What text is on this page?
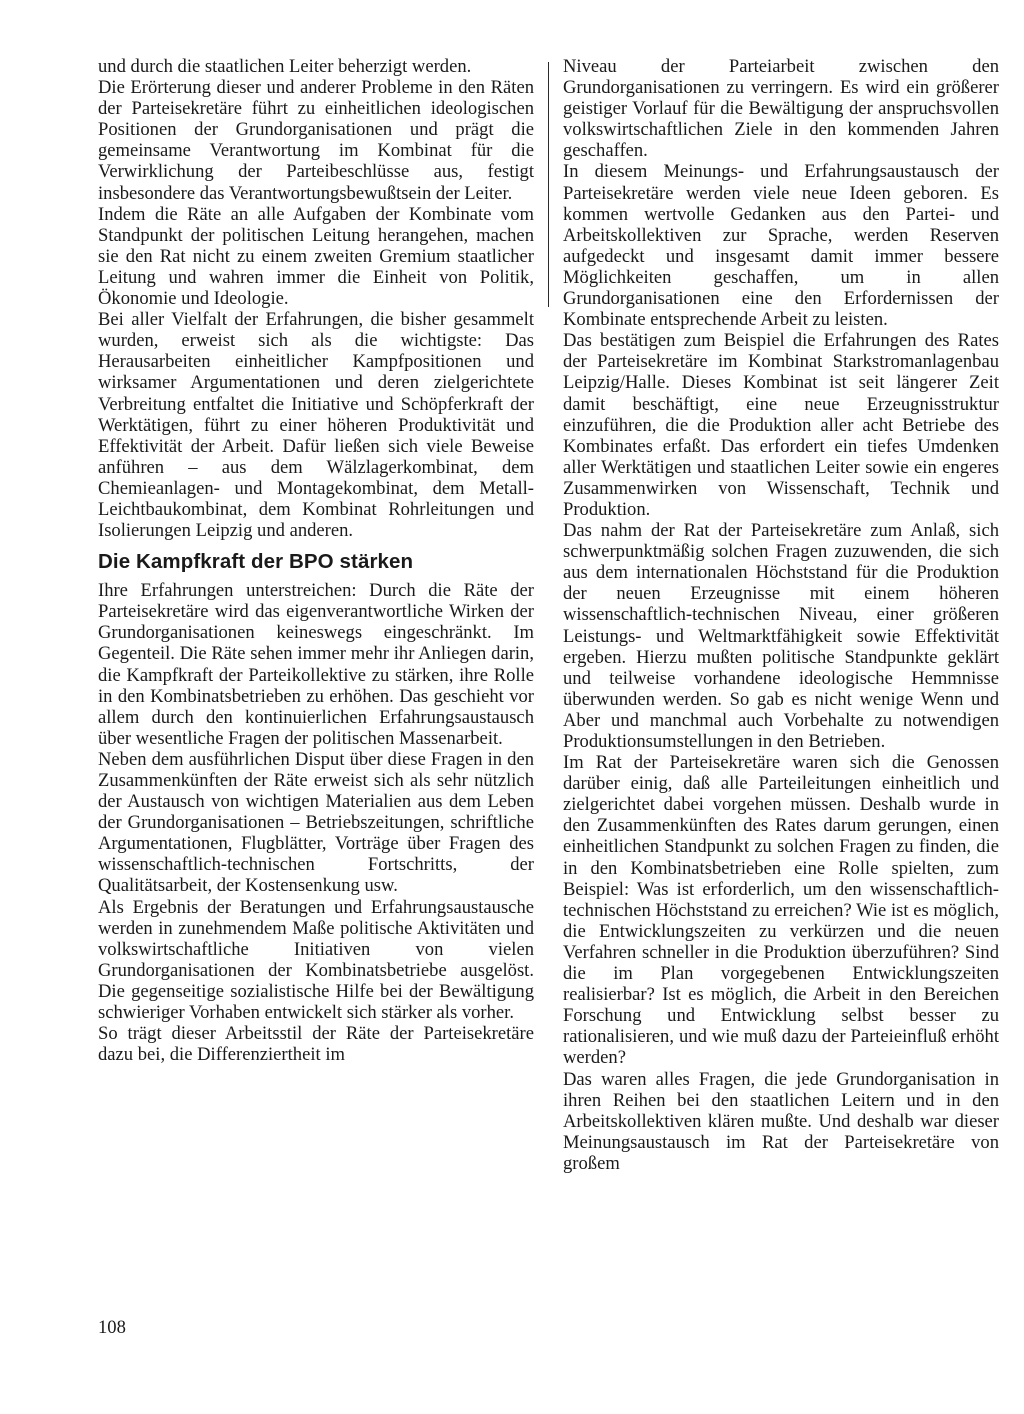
und durch die staatlichen Leiter beherzigt werden.

Die Erörterung dieser und anderer Probleme in den Räten der Parteisekretäre führt zu einheitlichen ideologischen Positionen der Grundorganisationen und prägt die gemeinsame Verantwortung im Kombinat für die Verwirklichung der Parteibeschlüsse aus, festigt insbesondere das Verantwortungsbewußtsein der Leiter.

Indem die Räte an alle Aufgaben der Kombinate vom Standpunkt der politischen Leitung herangehen, machen sie den Rat nicht zu einem zweiten Gremium staatlicher Leitung und wahren immer die Einheit von Politik, Ökonomie und Ideologie.

Bei aller Vielfalt der Erfahrungen, die bisher gesammelt wurden, erweist sich als die wichtigste: Das Herausarbeiten einheitlicher Kampfpositionen und wirksamer Argumentationen und deren zielgerichtete Verbreitung entfaltet die Initiative und Schöpferkraft der Werktätigen, führt zu einer höheren Produktivität und Effektivität der Arbeit. Dafür ließen sich viele Beweise anführen – aus dem Wälzlagerkombinat, dem Chemieanlagen- und Montagekombinat, dem Metall-Leichtbaukombinat, dem Kombinat Rohrleitungen und Isolierungen Leipzig und anderen.

Die Kampfkraft der BPO stärken

Ihre Erfahrungen unterstreichen: Durch die Räte der Parteisekretäre wird das eigenverantwortliche Wirken der Grundorganisationen keineswegs eingeschränkt. Im Gegenteil. Die Räte sehen immer mehr ihr Anliegen darin, die Kampfkraft der Parteikollektive zu stärken, ihre Rolle in den Kombinatsbetrieben zu erhöhen. Das geschieht vor allem durch den kontinuierlichen Erfahrungsaustausch über wesentliche Fragen der politischen Massenarbeit.

Neben dem ausführlichen Disput über diese Fragen in den Zusammenkünften der Räte erweist sich als sehr nützlich der Austausch von wichtigen Materialien aus dem Leben der Grundorganisationen – Betriebszeitungen, schriftliche Argumentationen, Flugblätter, Vorträge über Fragen des wissenschaftlich-technischen Fortschritts, der Qualitätsarbeit, der Kostensenkung usw.

Als Ergebnis der Beratungen und Erfahrungsaustausche werden in zunehmendem Maße politische Aktivitäten und volkswirtschaftliche Initiativen von vielen Grundorganisationen der Kombinatsbetriebe ausgelöst. Die gegenseitige sozialistische Hilfe bei der Bewältigung schwieriger Vorhaben entwickelt sich stärker als vorher.

So trägt dieser Arbeitsstil der Räte der Parteisekretäre dazu bei, die Differenziertheit im

Niveau der Parteiarbeit zwischen den Grundorganisationen zu verringern. Es wird ein größerer geistiger Vorlauf für die Bewältigung der anspruchsvollen volkswirtschaftlichen Ziele in den kommenden Jahren geschaffen.

In diesem Meinungs- und Erfahrungsaustausch der Parteisekretäre werden viele neue Ideen geboren. Es kommen wertvolle Gedanken aus den Partei- und Arbeitskollektiven zur Sprache, werden Reserven aufgedeckt und insgesamt damit immer bessere Möglichkeiten geschaffen, um in allen Grundorganisationen eine den Erfordernissen der Kombinate entsprechende Arbeit zu leisten.

Das bestätigen zum Beispiel die Erfahrungen des Rates der Parteisekretäre im Kombinat Starkstromanlagenbau Leipzig/Halle. Dieses Kombinat ist seit längerer Zeit damit beschäftigt, eine neue Erzeugnisstruktur einzuführen, die die Produktion aller acht Betriebe des Kombinates erfaßt. Das erfordert ein tiefes Umdenken aller Werktätigen und staatlichen Leiter sowie ein engeres Zusammenwirken von Wissenschaft, Technik und Produktion.

Das nahm der Rat der Parteisekretäre zum Anlaß, sich schwerpunktmäßig solchen Fragen zuzuwenden, die sich aus dem internationalen Höchststand für die Produktion der neuen Erzeugnisse mit einem höheren wissenschaftlich-technischen Niveau, einer größeren Leistungs- und Weltmarktfähigkeit sowie Effektivität ergeben. Hierzu mußten politische Standpunkte geklärt und teilweise vorhandene ideologische Hemmnisse überwunden werden. So gab es nicht wenige Wenn und Aber und manchmal auch Vorbehalte zu notwendigen Produktionsumstellungen in den Betrieben.

Im Rat der Parteisekretäre waren sich die Genossen darüber einig, daß alle Parteileitungen einheitlich und zielgerichtet dabei vorgehen müssen. Deshalb wurde in den Zusammenkünften des Rates darum gerungen, einen einheitlichen Standpunkt zu solchen Fragen zu finden, die in den Kombinatsbetrieben eine Rolle spielten, zum Beispiel: Was ist erforderlich, um den wissenschaftlich-technischen Höchststand zu erreichen? Wie ist es möglich, die Entwicklungszeiten zu verkürzen und die neuen Verfahren schneller in die Produktion überzuführen? Sind die im Plan vorgegebenen Entwicklungszeiten realisierbar? Ist es möglich, die Arbeit in den Bereichen Forschung und Entwicklung selbst besser zu rationalisieren, und wie muß dazu der Parteieinfluß erhöht werden?

Das waren alles Fragen, die jede Grundorganisation in ihren Reihen bei den staatlichen Leitern und in den Arbeitskollektiven klären mußte. Und deshalb war dieser Meinungsaustausch im Rat der Parteisekretäre von großem

108
